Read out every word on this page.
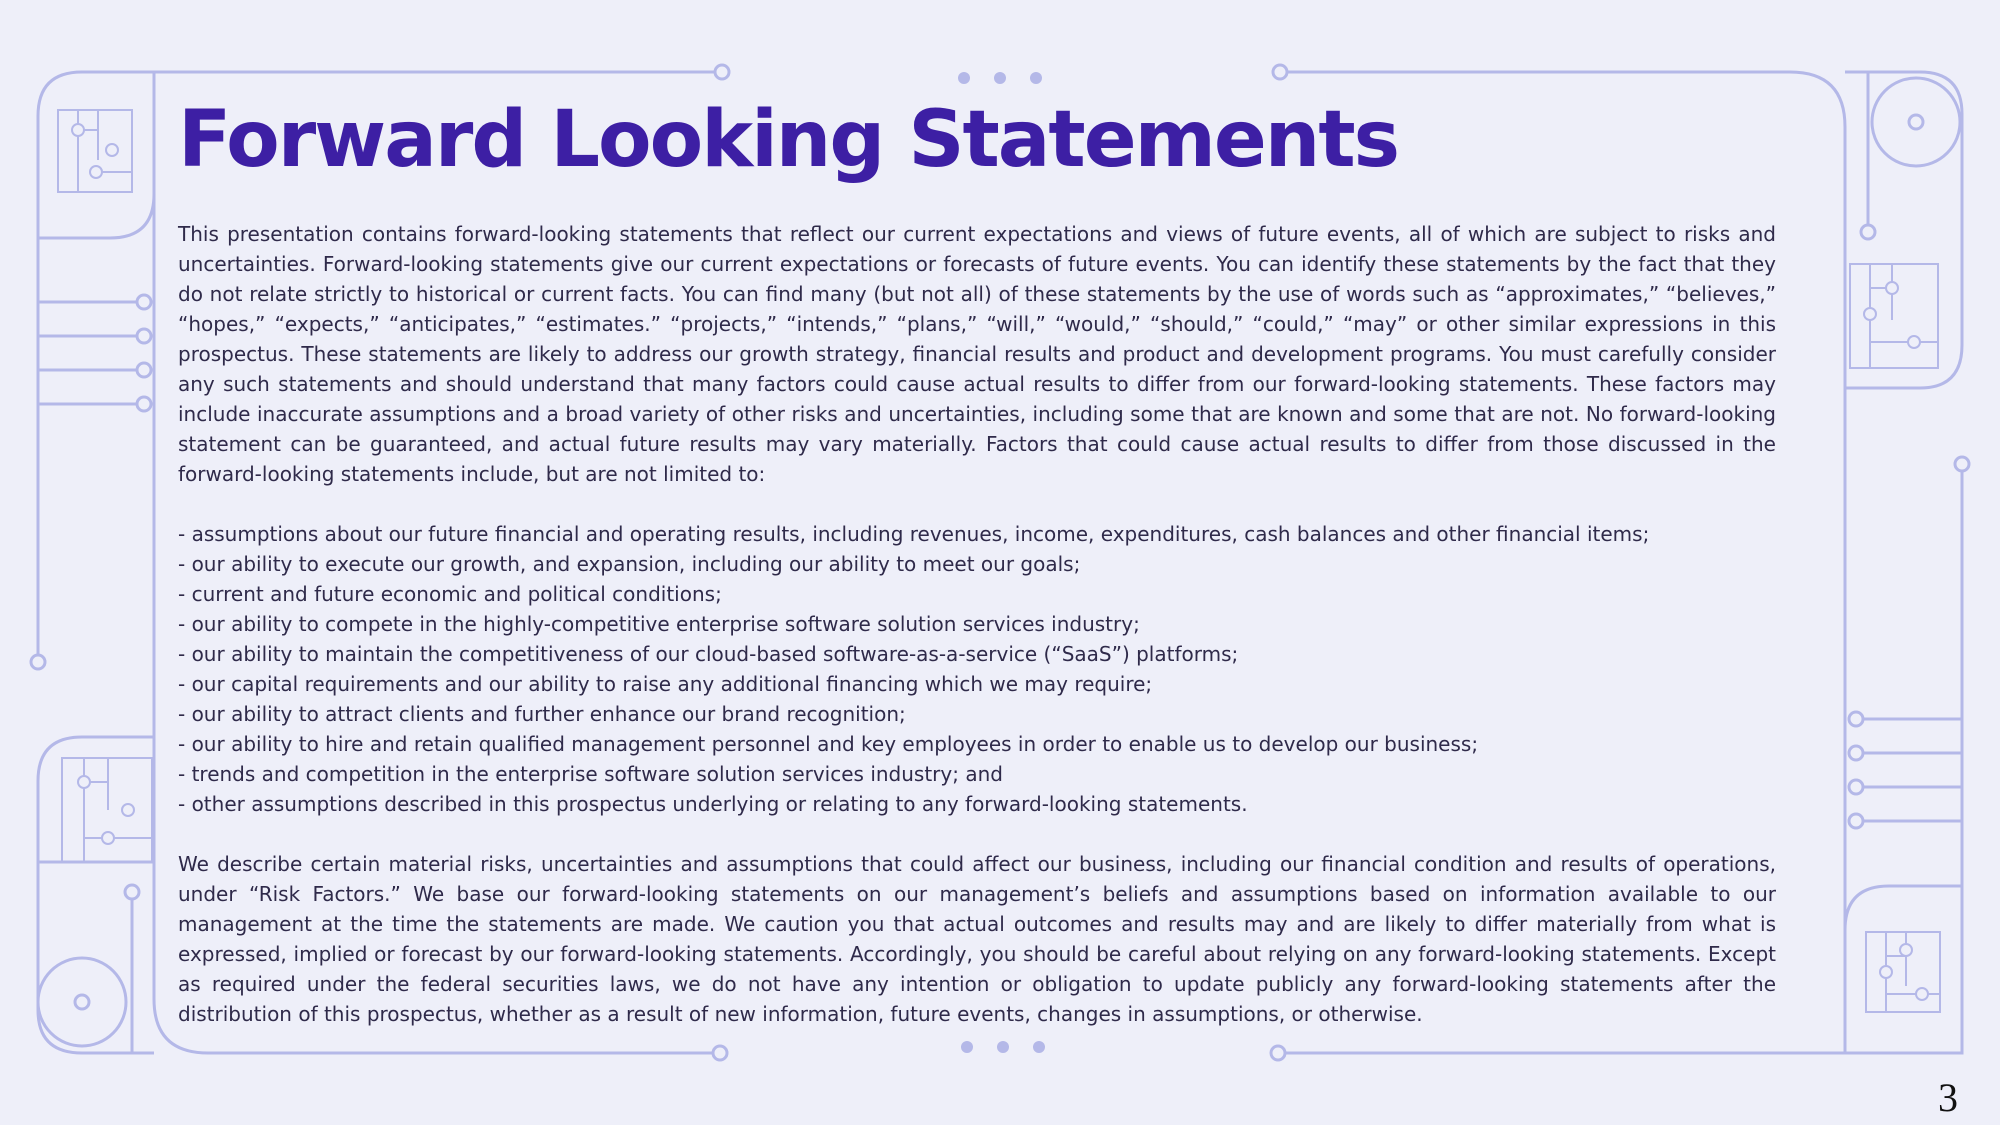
Forward Looking Statements

This presentation contains forward-looking statements that reflect our current expectations and views of future events, all of which are subject to risks and uncertainties. Forward-looking statements give our current expectations or forecasts of future events. You can identify these statements by the fact that they do not relate strictly to historical or current facts. You can find many (but not all) of these statements by the use of words such as “approximates,” “believes,” “hopes,” “expects,” “anticipates,” “estimates.” “projects,” “intends,” “plans,” “will,” “would,” “should,” “could,” “may” or other similar expressions in this prospectus. These statements are likely to address our growth strategy, financial results and product and development programs. You must carefully consider any such statements and should understand that many factors could cause actual results to differ from our forward-looking statements. These factors may include inaccurate assumptions and a broad variety of other risks and uncertainties, including some that are known and some that are not. No forward-looking statement can be guaranteed, and actual future results may vary materially. Factors that could cause actual results to differ from those discussed in the forward-looking statements include, but are not limited to:

- assumptions about our future financial and operating results, including revenues, income, expenditures, cash balances and other financial items;
- our ability to execute our growth, and expansion, including our ability to meet our goals;
- current and future economic and political conditions;
- our ability to compete in the highly-competitive enterprise software solution services industry;
- our ability to maintain the competitiveness of our cloud-based software-as-a-service (“SaaS”) platforms;
- our capital requirements and our ability to raise any additional financing which we may require;
- our ability to attract clients and further enhance our brand recognition;
- our ability to hire and retain qualified management personnel and key employees in order to enable us to develop our business;
- trends and competition in the enterprise software solution services industry; and
- other assumptions described in this prospectus underlying or relating to any forward-looking statements.

We describe certain material risks, uncertainties and assumptions that could affect our business, including our financial condition and results of operations, under “Risk Factors.” We base our forward-looking statements on our management’s beliefs and assumptions based on information available to our management at the time the statements are made. We caution you that actual outcomes and results may and are likely to differ materially from what is expressed, implied or forecast by our forward-looking statements. Accordingly, you should be careful about relying on any forward-looking statements. Except as required under the federal securities laws, we do not have any intention or obligation to update publicly any forward-looking statements after the distribution of this prospectus, whether as a result of new information, future events, changes in assumptions, or otherwise.

3
